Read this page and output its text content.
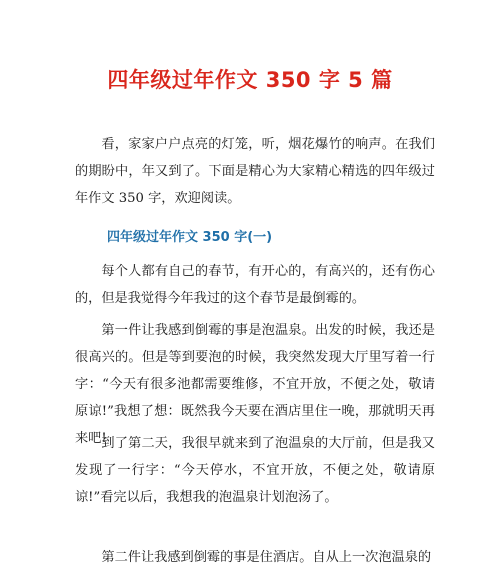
四年级过年作文 350 字 5 篇

看，家家户户点亮的灯笼，听，烟花爆竹的响声。在我们的期盼中，年又到了。下面是精心为大家精心精选的四年级过年作文 350 字，欢迎阅读。

四年级过年作文 350 字(一)

每个人都有自己的春节，有开心的，有高兴的，还有伤心的，但是我觉得今年我过的这个春节是最倒霉的。

第一件让我感到倒霉的事是泡温泉。出发的时候，我还是很高兴的。但是等到要泡的时候，我突然发现大厅里写着一行字：“今天有很多池都需要维修，不宜开放，不便之处，敬请原谅!”我想了想：既然我今天要在酒店里住一晚，那就明天再来吧!

到了第二天，我很早就来到了泡温泉的大厅前，但是我又发现了一行字：“今天停水，不宜开放，不便之处，敬请原谅!”看完以后，我想我的泡温泉计划泡汤了。

第二件让我感到倒霉的事是住酒店。自从上一次泡温泉的
